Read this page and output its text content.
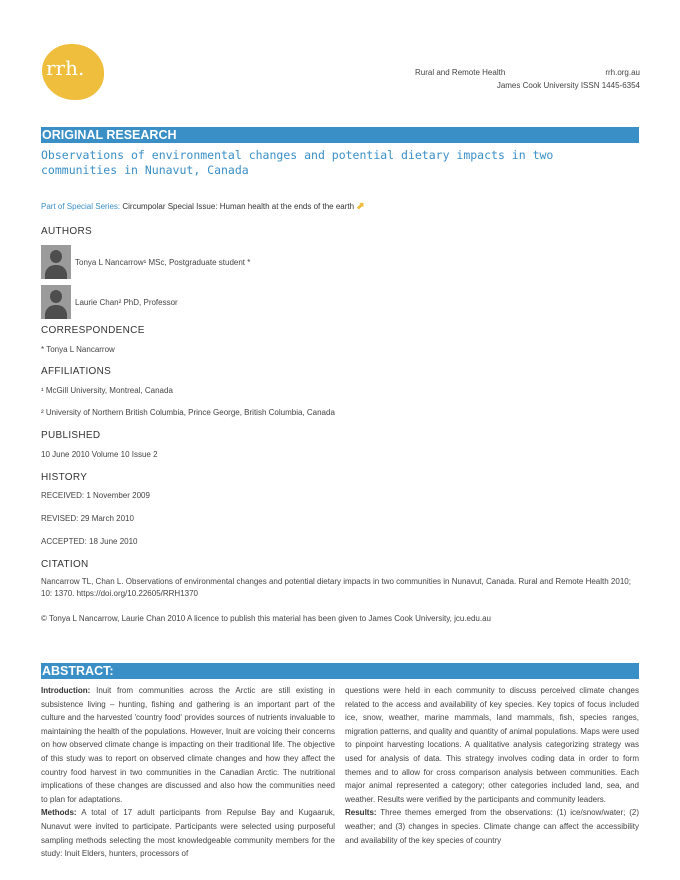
rrh.	Rural and Remote Health	rrh.org.au
James Cook University ISSN 1445-6354
ORIGINAL RESEARCH
Observations of environmental changes and potential dietary impacts in two communities in Nunavut, Canada
Part of Special Series: Circumpolar Special Issue: Human health at the ends of the earth ⬈
AUTHORS
Tonya L Nancarrow¹ MSc, Postgraduate student *
Laurie Chan² PhD, Professor
CORRESPONDENCE
* Tonya L Nancarrow
AFFILIATIONS
¹ McGill University, Montreal, Canada
² University of Northern British Columbia, Prince George, British Columbia, Canada
PUBLISHED
10 June 2010 Volume 10 Issue 2
HISTORY
RECEIVED: 1 November 2009
REVISED: 29 March 2010
ACCEPTED: 18 June 2010
CITATION
Nancarrow TL, Chan L. Observations of environmental changes and potential dietary impacts in two communities in Nunavut, Canada. Rural and Remote Health 2010; 10: 1370. https://doi.org/10.22605/RRH1370
© Tonya L Nancarrow, Laurie Chan 2010 A licence to publish this material has been given to James Cook University, jcu.edu.au
ABSTRACT:

Introduction: Inuit from communities across the Arctic are still existing in subsistence living – hunting, fishing and gathering is an important part of the culture and the harvested 'country food' provides sources of nutrients invaluable to maintaining the health of the populations. However, Inuit are voicing their concerns on how observed climate change is impacting on their traditional life. The objective of this study was to report on observed climate changes and how they affect the country food harvest in two communities in the Canadian Arctic. The nutritional implications of these changes are discussed and also how the communities need to plan for adaptations.

Methods: A total of 17 adult participants from Repulse Bay and Kugaaruk, Nunavut were invited to participate. Participants were selected using purposeful sampling methods selecting the most knowledgeable community members for the study: Inuit Elders, hunters, processors of

questions were held in each community to discuss perceived climate changes related to the access and availability of key species. Key topics of focus included ice, snow, weather, marine mammals, land mammals, fish, species ranges, migration patterns, and quality and quantity of animal populations. Maps were used to pinpoint harvesting locations. A qualitative analysis categorizing strategy was used for analysis of data. This strategy involves coding data in order to form themes and to allow for cross comparison analysis between communities. Each major animal represented a category; other categories included land, sea, and weather. Results were verified by the participants and community leaders.

Results: Three themes emerged from the observations: (1) ice/snow/water; (2) weather; and (3) changes in species. Climate change can affect the accessibility and availability of the key species of country
